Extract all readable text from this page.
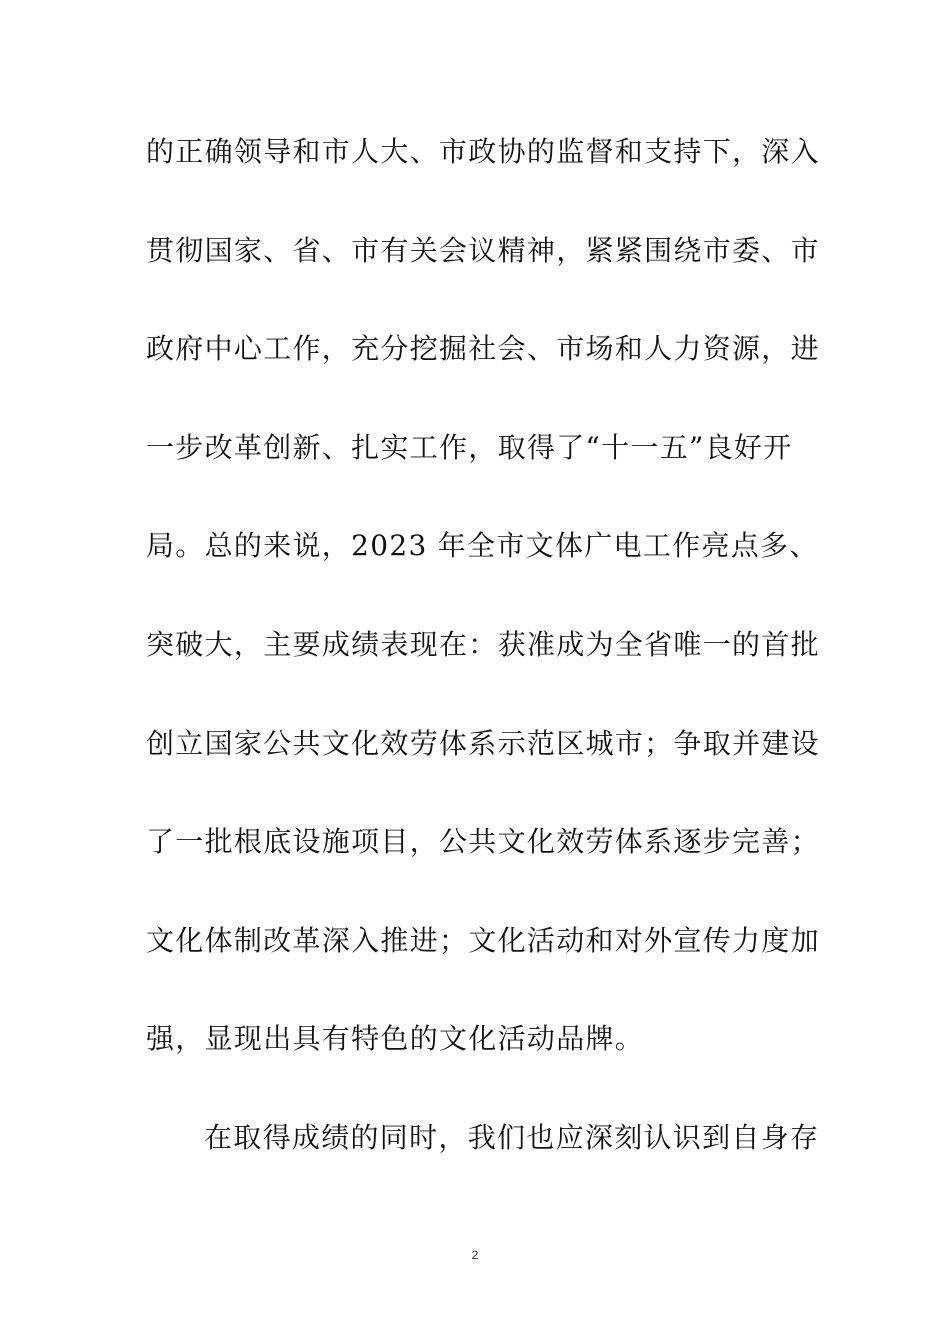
的正确领导和市人大、市政协的监督和支持下，深入
贯彻国家、省、市有关会议精神，紧紧围绕市委、市
政府中心工作，充分挖掘社会、市场和人力资源，进
一步改革创新、扎实工作，取得了“十一五”良好开
局。总的来说，2023 年全市文体广电工作亮点多、
突破大，主要成绩表现在：获准成为全省唯一的首批
创立国家公共文化效劳体系示范区城市；争取并建设
了一批根底设施项目，公共文化效劳体系逐步完善；
文化体制改革深入推进；文化活动和对外宣传力度加
强，显现出具有特色的文化活动品牌。
在取得成绩的同时，我们也应深刻认识到自身存
2
